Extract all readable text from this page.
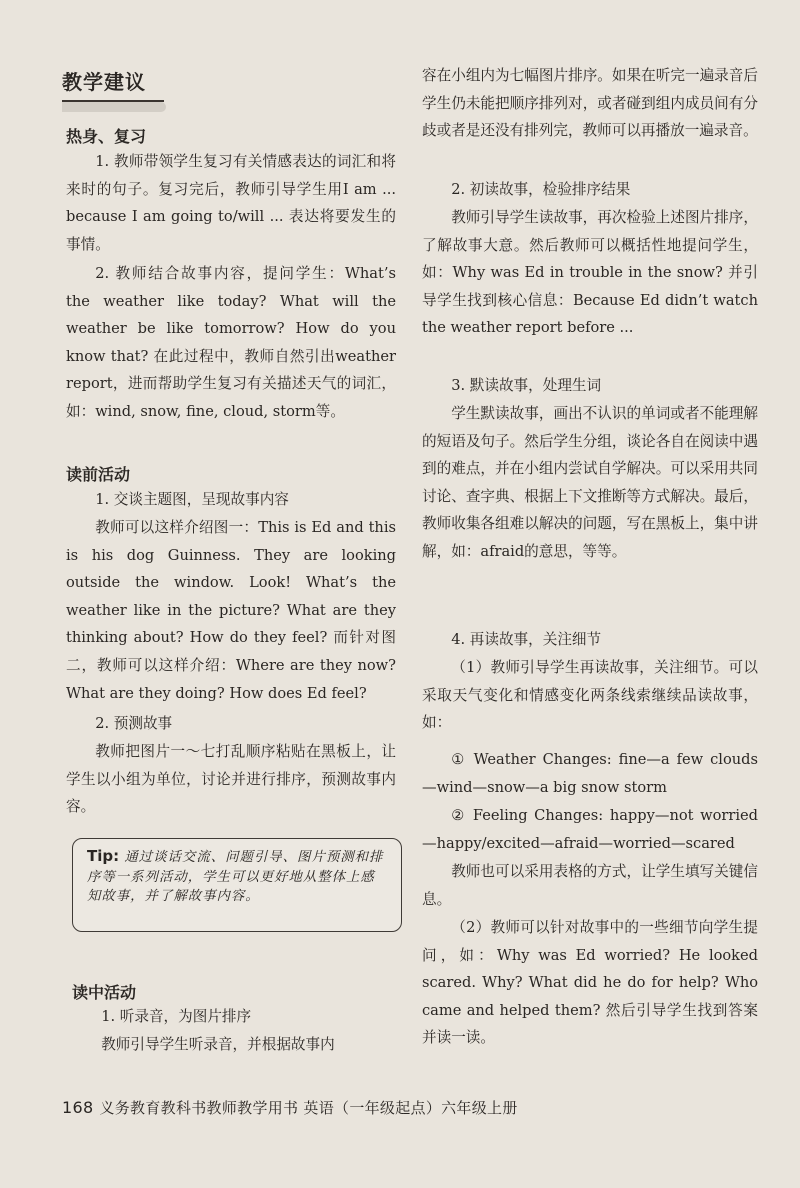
教学建议
热身、复习

1. 教师带领学生复习有关情感表达的词汇和将来时的句子。复习完后，教师引导学生用I am ... because I am going to/will ... 表达将要发生的事情。

2. 教师结合故事内容，提问学生：What’s the weather like today? What will the weather be like tomorrow? How do you know that? 在此过程中，教师自然引出weather report，进而帮助学生复习有关描述天气的词汇，如：wind, snow, fine, cloud, storm等。

读前活动

1. 交谈主题图，呈现故事内容

教师可以这样介绍图一：This is Ed and this is his dog Guinness. They are looking outside the window. Look! What’s the weather like in the picture? What are they thinking about? How do they feel? 而针对图二，教师可以这样介绍：Where are they now? What are they doing? How does Ed feel?

2. 预测故事

教师把图片一～七打乱顺序粘贴在黑板上，让学生以小组为单位，讨论并进行排序，预测故事内容。

Tip: 通过谈话交流、问题引导、图片预测和排序等一系列活动，学生可以更好地从整体上感知故事，并了解故事内容。

读中活动

1. 听录音，为图片排序

教师引导学生听录音，并根据故事内

容在小组内为七幅图片排序。如果在听完一遍录音后学生仍未能把顺序排列对，或者碰到组内成员间有分歧或者是还没有排列完，教师可以再播放一遍录音。

2. 初读故事，检验排序结果

教师引导学生读故事，再次检验上述图片排序，了解故事大意。然后教师可以概括性地提问学生，如：Why was Ed in trouble in the snow? 并引导学生找到核心信息：Because Ed didn’t watch the weather report before ...

3. 默读故事，处理生词

学生默读故事，画出不认识的单词或者不能理解的短语及句子。然后学生分组，谈论各自在阅读中遇到的难点，并在小组内尝试自学解决。可以采用共同讨论、查字典、根据上下文推断等方式解决。最后，教师收集各组难以解决的问题，写在黑板上，集中讲解，如：afraid的意思，等等。

4. 再读故事，关注细节

（1）教师引导学生再读故事，关注细节。可以采取天气变化和情感变化两条线索继续品读故事，如：

① Weather Changes: fine—a few clouds—wind—snow—a big snow storm

② Feeling Changes: happy—not worried—happy/excited—afraid—worried—scared

教师也可以采用表格的方式，让学生填写关键信息。

（2）教师可以针对故事中的一些细节向学生提问，如：Why was Ed worried? He looked scared. Why? What did he do for help? Who came and helped them? 然后引导学生找到答案并读一读。

168 义务教育教科书教师教学用书 英语（一年级起点）六年级上册
